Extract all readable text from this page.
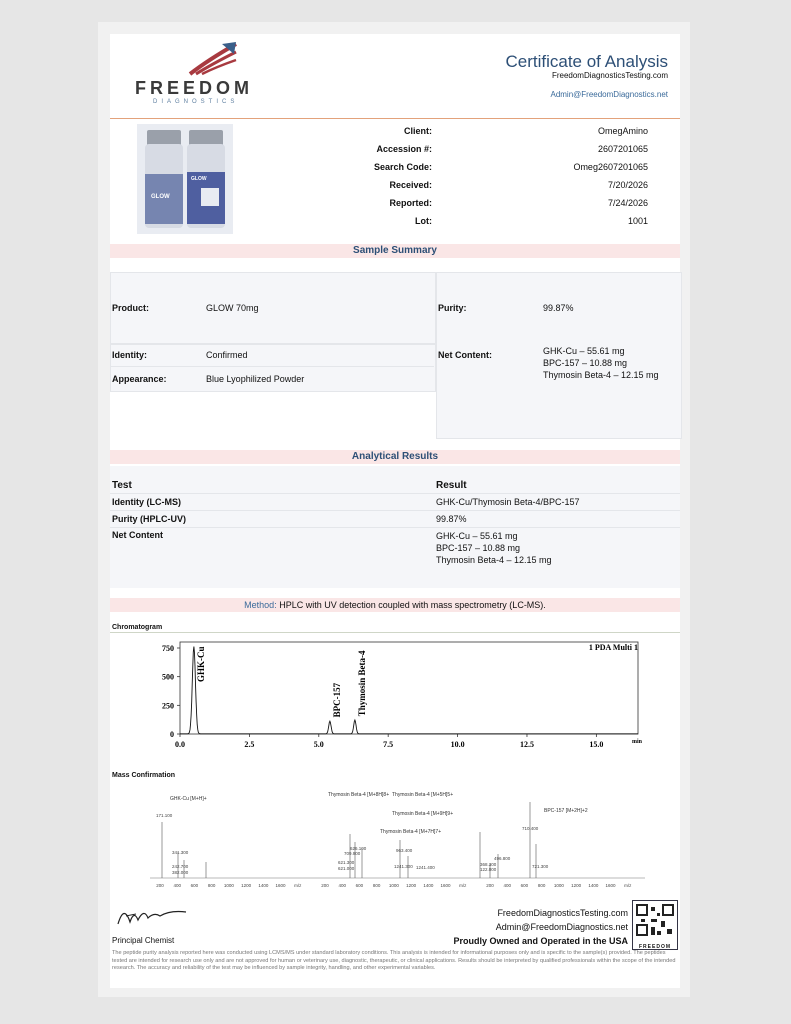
FREEDOM
DIAGNOSTICS
Certificate of Analysis
FreedomDiagnosticsTesting.com
Admin@FreedomDiagnostics.net
GLOW
GLOW
Client:	OmegAmino
Accession #:	2607201065
Search Code:	Omeg2607201065
Received:	7/20/2026
Reported:	7/24/2026
Lot:	1001
Sample Summary
Product:	GLOW 70mg	Purity:	99.87%
Identity:	Confirmed
Appearance:	Blue Lyophilized Powder
Net Content:	GHK-Cu – 55.61 mg
BPC-157 – 10.88 mg
Thymosin Beta-4 – 12.15 mg
Analytical Results
Test	Result
Identity (LC-MS)	GHK-Cu/Thymosin Beta-4/BPC-157
Purity (HPLC-UV)	99.87%
Net Content	GHK-Cu – 55.61 mg
BPC-157 – 10.88 mg
Thymosin Beta-4 – 12.15 mg
Method: HPLC with UV detection coupled with mass spectrometry (LC-MS).
Chromatogram
0
250
500
750
0.0	2.5	5.0	7.5	10.0	12.5	15.0	min
1 PDA Multi 1
GHK-Cu
BPC-157 Thymosin Beta-4
Mass Confirmation
200 400 600 800 1000 1200 1400 1600 m/z	200 400 600 800 1000 1200 1400 1600 m/z	200 400 600 800 1000 1200 1400 1600 m/z
GHK-Cu [M+H]+
Thymosin Beta-4 [M+8H]8+ Thymosin Beta-4 [M+5H]5+
Thymosin Beta-4 [M+9H]9+
Thymosin Beta-4 [M+7H]7+
BPC-157 [M+2H]+2
171.100
341.300
242.700
382.000
626.100
709.900
621.300
621.000
963.400
1241.300 1241.400
710.400
496.800
368.300
122.000
721.300
Principal Chemist
FreedomDiagnosticsTesting.com
Admin@FreedomDiagnostics.net
Proudly Owned and Operated in the USA
FREEDOM
The peptide purity analysis reported here was conducted using LCMS/MS under standard laboratory conditions. This analysis is intended for informational purposes only and is specific to the sample(s) provided. The peptides tested are intended for research use only and are not approved for human or veterinary use, diagnostic, therapeutic, or clinical applications. Results should be interpreted by qualified professionals within the scope of the intended research. The accuracy and reliability of the test may be influenced by sample integrity, handling, and other experimental variables.
